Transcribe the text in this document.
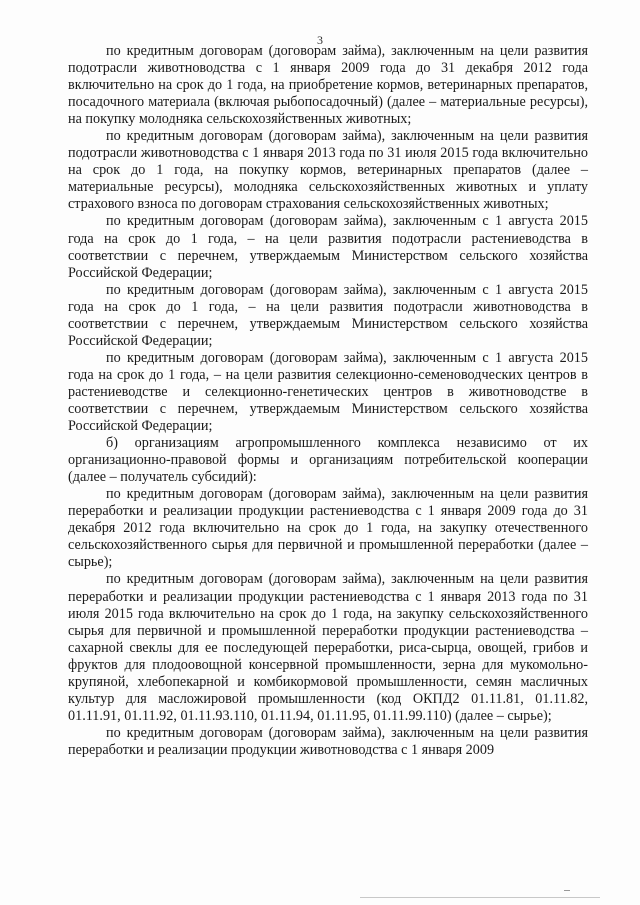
3

по кредитным договорам (договорам займа), заключенным на цели развития подотрасли животноводства с 1 января 2009 года до 31 декабря 2012 года включительно на срок до 1 года, на приобретение кормов, ветеринарных препаратов, посадочного материала (включая рыбопосадочный) (далее – материальные ресурсы), на покупку молодняка сельскохозяйственных животных;

по кредитным договорам (договорам займа), заключенным на цели развития подотрасли животноводства с 1 января 2013 года по 31 июля 2015 года включительно на срок до 1 года, на покупку кормов, ветеринарных препаратов (далее – материальные ресурсы), молодняка сельскохозяйственных животных и уплату страхового взноса по договорам страхования сельскохозяйственных животных;

по кредитным договорам (договорам займа), заключенным с 1 августа 2015 года на срок до 1 года, – на цели развития подотрасли растениеводства в соответствии с перечнем, утверждаемым Министерством сельского хозяйства Российской Федерации;

по кредитным договорам (договорам займа), заключенным с 1 августа 2015 года на срок до 1 года, – на цели развития подотрасли животноводства в соответствии с перечнем, утверждаемым Министерством сельского хозяйства Российской Федерации;

по кредитным договорам (договорам займа), заключенным с 1 августа 2015 года на срок до 1 года, – на цели развития селекционно-семеноводческих центров в растениеводстве и селекционно-генетических центров в животноводстве в соответствии с перечнем, утверждаемым Министерством сельского хозяйства Российской Федерации;

б) организациям агропромышленного комплекса независимо от их организационно-правовой формы и организациям потребительской кооперации (далее – получатель субсидий):

по кредитным договорам (договорам займа), заключенным на цели развития переработки и реализации продукции растениеводства с 1 января 2009 года до 31 декабря 2012 года включительно на срок до 1 года, на закупку отечественного сельскохозяйственного сырья для первичной и промышленной переработки (далее – сырье);

по кредитным договорам (договорам займа), заключенным на цели развития переработки и реализации продукции растениеводства с 1 января 2013 года по 31 июля 2015 года включительно на срок до 1 года, на закупку сельскохозяйственного сырья для первичной и промышленной переработки продукции растениеводства – сахарной свеклы для ее последующей переработки, риса-сырца, овощей, грибов и фруктов для плодоовощной консервной промышленности, зерна для мукомольно-крупяной, хлебопекарной и комбикормовой промышленности, семян масличных культур для масложировой промышленности (код ОКПД2 01.11.81, 01.11.82, 01.11.91, 01.11.92, 01.11.93.110, 01.11.94, 01.11.95, 01.11.99.110) (далее – сырье);

по кредитным договорам (договорам займа), заключенным на цели развития переработки и реализации продукции животноводства с 1 января 2009
